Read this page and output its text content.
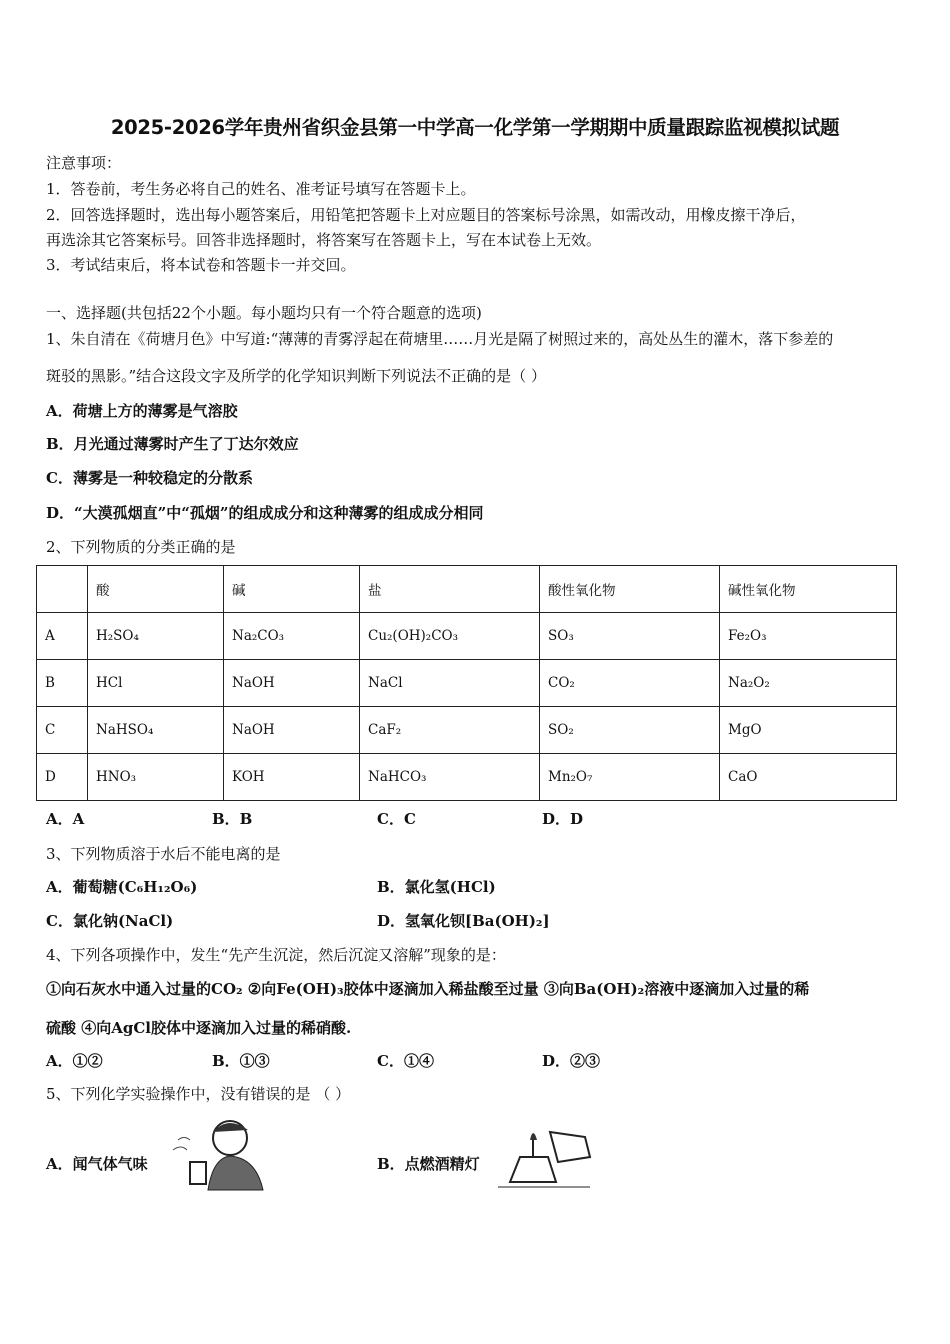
2025-2026学年贵州省织金县第一中学高一化学第一学期期中质量跟踪监视模拟试题
注意事项：
1．答卷前，考生务必将自己的姓名、准考证号填写在答题卡上。
2．回答选择题时，选出每小题答案后，用铅笔把答题卡上对应题目的答案标号涂黑，如需改动，用橡皮擦干净后，
再选涂其它答案标号。回答非选择题时，将答案写在答题卡上，写在本试卷上无效。
3．考试结束后，将本试卷和答题卡一并交回。
一、选择题(共包括22个小题。每小题均只有一个符合题意的选项)
1、朱自清在《荷塘月色》中写道:“薄薄的青雾浮起在荷塘里……月光是隔了树照过来的，高处丛生的灌木，落下参差的
斑驳的黑影。”结合这段文字及所学的化学知识判断下列说法不正确的是（ ）
A．荷塘上方的薄雾是气溶胶
B．月光通过薄雾时产生了丁达尔效应
C．薄雾是一种较稳定的分散系
D．“大漠孤烟直”中“孤烟”的组成成分和这种薄雾的组成成分相同
2、下列物质的分类正确的是
	酸	碱	盐	酸性氧化物	碱性氧化物
A	H₂SO₄	Na₂CO₃	Cu₂(OH)₂CO₃	SO₃	Fe₂O₃
B	HCl	NaOH	NaCl	CO₂	Na₂O₂
C	NaHSO₄	NaOH	CaF₂	SO₂	MgO
D	HNO₃	KOH	NaHCO₃	Mn₂O₇	CaO
A．A	B．B	C．C	D．D
3、下列物质溶于水后不能电离的是
A．葡萄糖(C₆H₁₂O₆)	B．氯化氢(HCl)
C．氯化钠(NaCl)	D．氢氧化钡[Ba(OH)₂]
4、下列各项操作中，发生“先产生沉淀，然后沉淀又溶解”现象的是：
①向石灰水中通入过量的CO₂ ②向Fe(OH)₃胶体中逐滴加入稀盐酸至过量 ③向Ba(OH)₂溶液中逐滴加入过量的稀
硫酸 ④向AgCl胶体中逐滴加入过量的稀硝酸.
A．①②	B．①③	C．①④	D．②③
5、下列化学实验操作中，没有错误的是 （ ）
A．闻气体气味	B．点燃酒精灯
